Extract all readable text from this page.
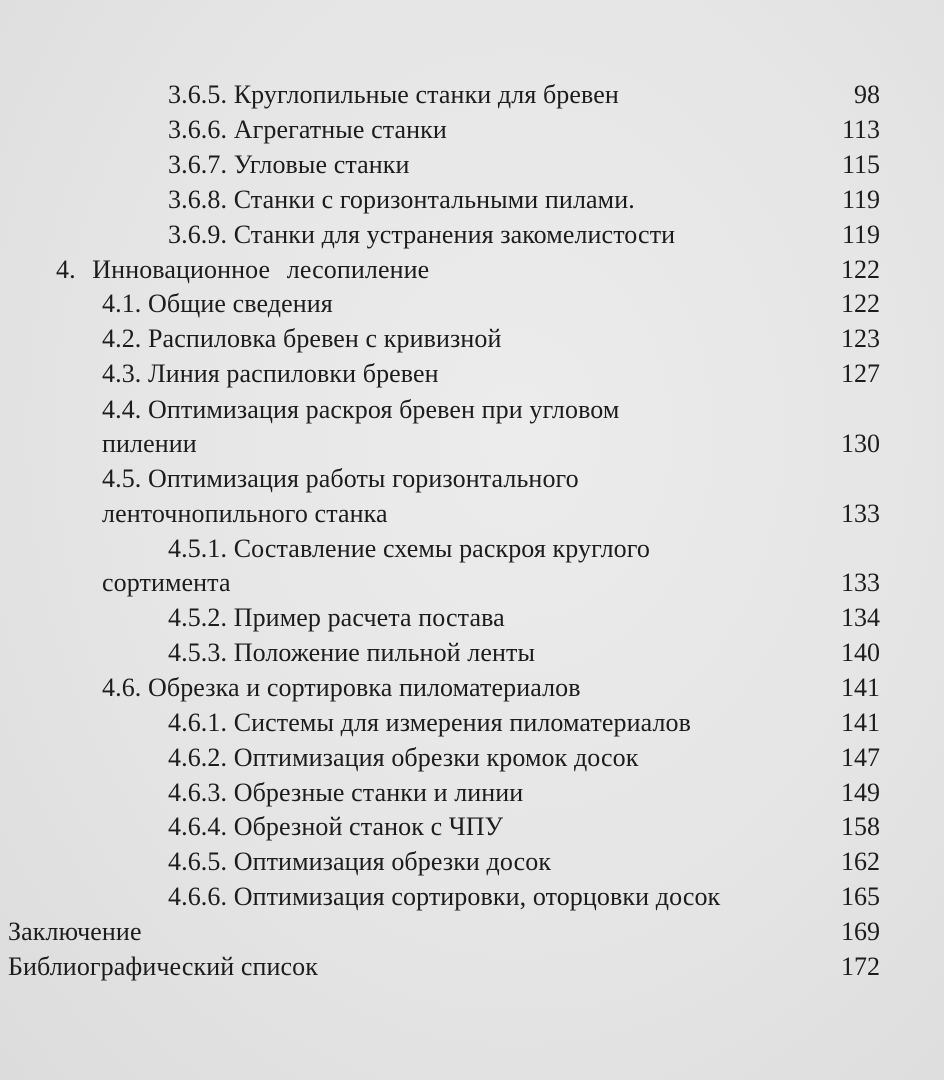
3.6.5. Круглопильные станки для бревен	98
3.6.6. Агрегатные станки	113
3.6.7. Угловые станки	115
3.6.8. Станки с горизонтальными пилами.	119
3.6.9. Станки для устранения закомелистости	119
4. Инновационное лесопиление	122
4.1. Общие сведения	122
4.2. Распиловка бревен с кривизной	123
4.3. Линия распиловки бревен	127
4.4. Оптимизация раскроя бревен при угловом
пилении	130
4.5. Оптимизация работы горизонтального
ленточнопильного станка	133
4.5.1. Составление схемы раскроя круглого
сортимента	133
4.5.2. Пример расчета постава	134
4.5.3. Положение пильной ленты	140
4.6. Обрезка и сортировка пиломатериалов	141
4.6.1. Системы для измерения пиломатериалов	141
4.6.2. Оптимизация обрезки кромок досок	147
4.6.3. Обрезные станки и линии	149
4.6.4. Обрезной станок с ЧПУ	158
4.6.5. Оптимизация обрезки досок	162
4.6.6. Оптимизация сортировки, оторцовки досок	165
Заключение	169
Библиографический список	172
